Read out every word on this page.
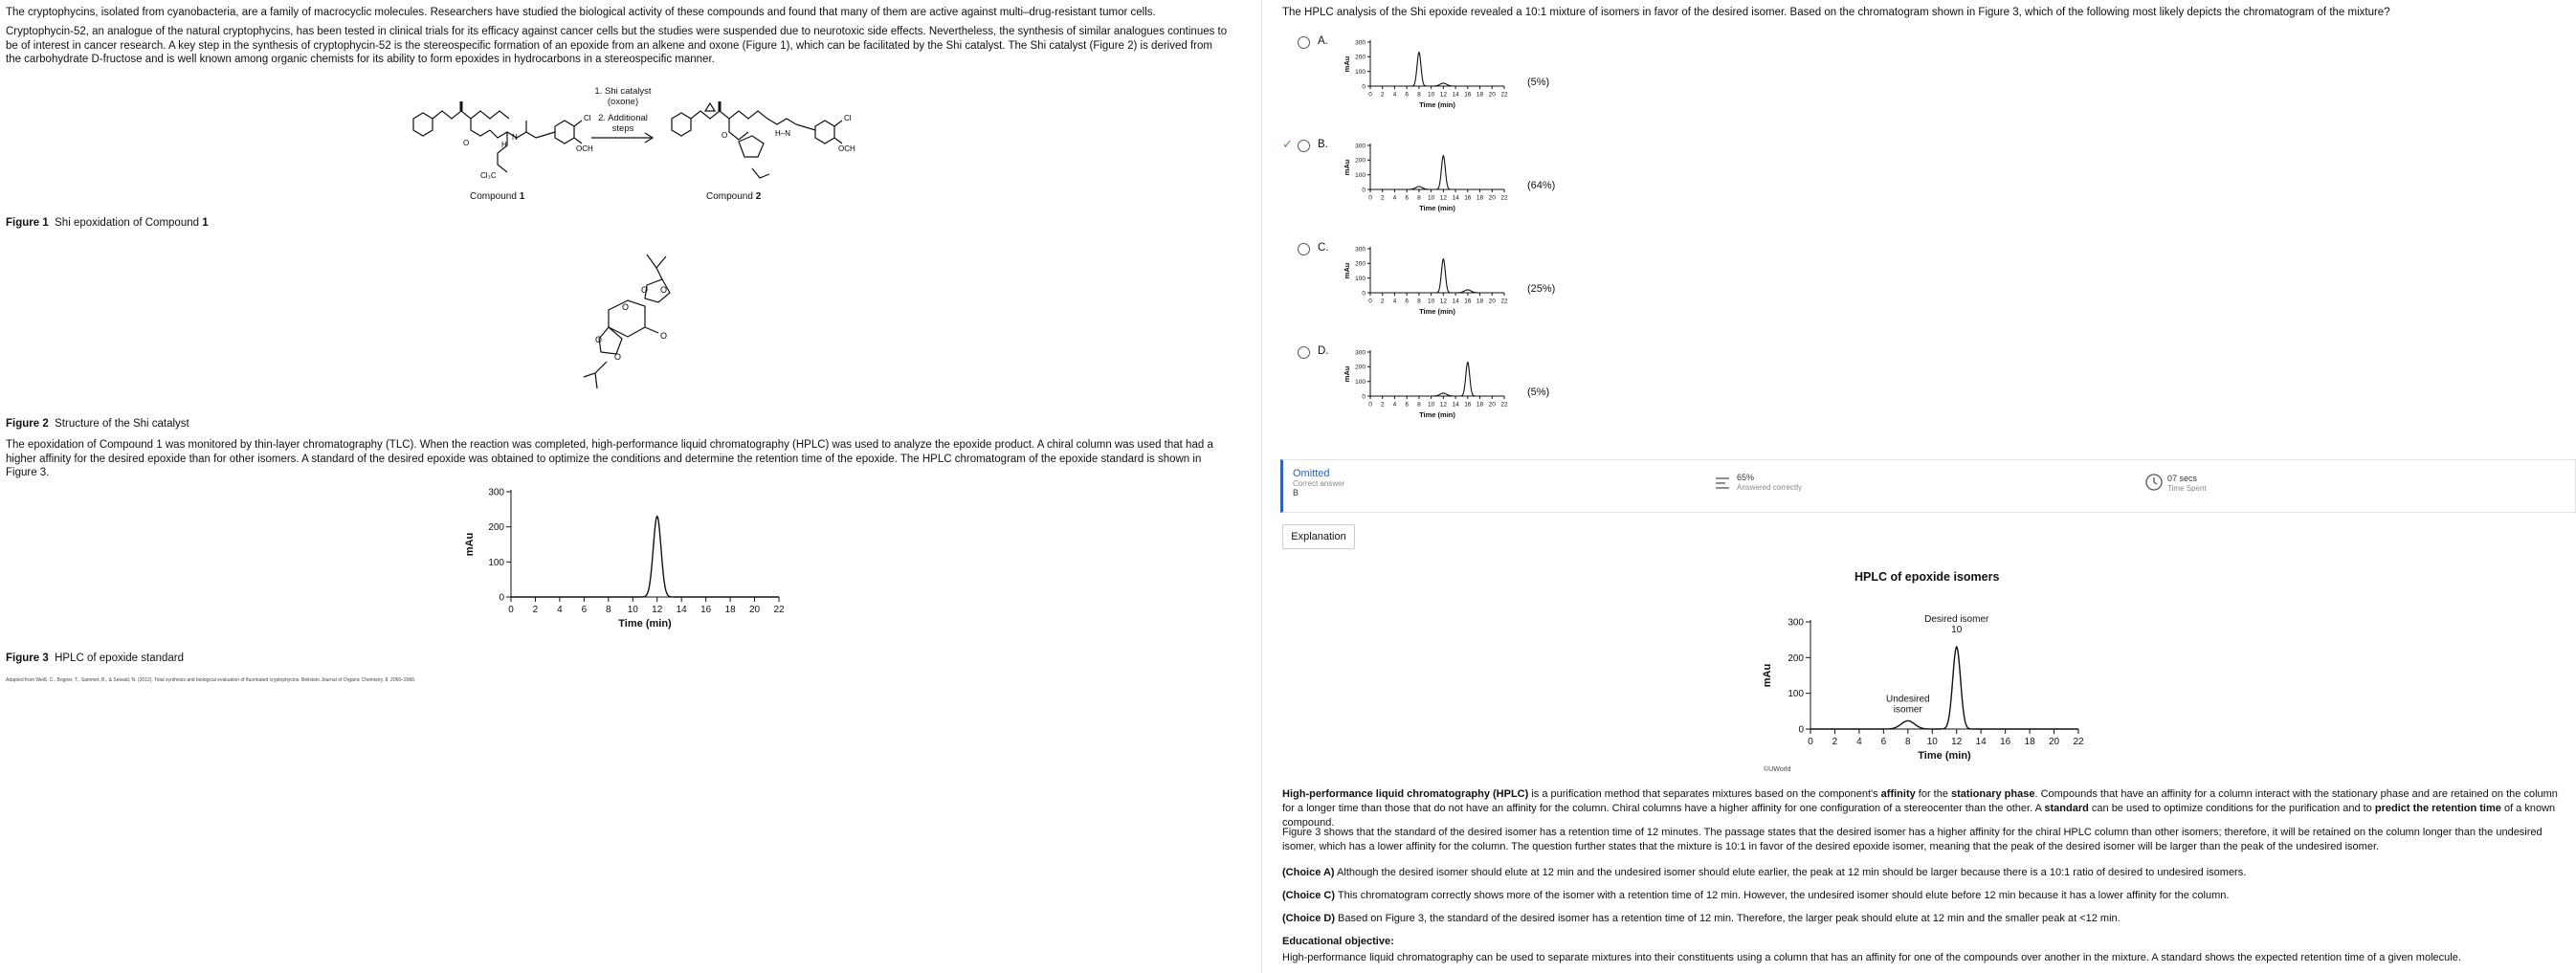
The cryptophycins, isolated from cyanobacteria, are a family of macrocyclic molecules. Researchers have studied the biological activity of these compounds and found that many of them are active against multi–drug-resistant tumor cells.

Cryptophycin-52, an analogue of the natural cryptophycins, has been tested in clinical trials for its efficacy against cancer cells but the studies were suspended due to neurotoxic side effects. Nevertheless, the synthesis of similar analogues continues to be of interest in cancer research. A key step in the synthesis of cryptophycin-52 is the stereospecific formation of an epoxide from an alkene and oxone (Figure 1), which can be facilitated by the Shi catalyst. The Shi catalyst (Figure 2) is derived from the carbohydrate D-fructose and is well known among organic chemists for its ability to form epoxides in hydrocarbons in a stereospecific manner.

Cl
OCH
O	H
N
Cl₃C
Cl
OCH
O	H–N
1. Shi catalyst
(oxone)
2. Additional
steps
Compound 1	Compound 2
Figure 1 Shi epoxidation of Compound 1
O O
O
O
O
O
Figure 2 Structure of the Shi catalyst

The epoxidation of Compound 1 was monitored by thin-layer chromatography (TLC). When the reaction was completed, high-performance liquid chromatography (HPLC) was used to analyze the epoxide product. A chiral column was used that had a higher affinity for the desired epoxide than for other isomers. A standard of the desired epoxide was obtained to optimize the conditions and determine the retention time of the epoxide. The HPLC chromatogram of the epoxide standard is shown in Figure 3.

0
100
200
300
0 2 4 6 8 10 12 14 16 18 20 22
Time (min)
mAu
Figure 3 HPLC of epoxide standard
Adapted from Weiß, C., Bogner, T., Sammet, B., & Sewald, N. (2012). Total synthesis and biological evaluation of fluorinated cryptophycins. Beilstein Journal of Organic Chemistry, 8, 2060–2066.

The HPLC analysis of the Shi epoxide revealed a 10:1 mixture of isomers in favor of the desired isomer. Based on the chromatogram shown in Figure 3, which of the following most likely depicts the chromatogram of the mixture?

A.
0
100
200
300
0 2 4 6 8 10 12 14 16 18 20 22
Time (min)
mAu
(5%)
✓ B.
0
100
200
300
0 2 4 6 8 10 12 14 16 18 20 22
Time (min)
mAu
(64%)
C.
0
100
200
300
0 2 4 6 8 10 12 14 16 18 20 22
Time (min)
mAu
(25%)
D.
0
100
200
300
0 2 4 6 8 10 12 14 16 18 20 22
Time (min)
mAu
(5%)
Omitted
Correct answer
B
65%
Answered correctly
07 secs
Time Spent
Explanation
HPLC of epoxide isomers
0
100
200
300
0 2 4 6 8 10 12 14 16 18 20 22
Time (min)
mAu
Desired isomer
10
Undesired
isomer
©UWorld

High-performance liquid chromatography (HPLC) is a purification method that separates mixtures based on the component's affinity for the stationary phase. Compounds that have an affinity for a column interact with the stationary phase and are retained on the column for a longer time than those that do not have an affinity for the column. Chiral columns have a higher affinity for one configuration of a stereocenter than the other. A standard can be used to optimize conditions for the purification and to predict the retention time of a known compound.

Figure 3 shows that the standard of the desired isomer has a retention time of 12 minutes. The passage states that the desired isomer has a higher affinity for the chiral HPLC column than other isomers; therefore, it will be retained on the column longer than the undesired isomer, which has a lower affinity for the column. The question further states that the mixture is 10:1 in favor of the desired epoxide isomer, meaning that the peak of the desired isomer will be larger than the peak of the undesired isomer.

(Choice A) Although the desired isomer should elute at 12 min and the undesired isomer should elute earlier, the peak at 12 min should be larger because there is a 10:1 ratio of desired to undesired isomers.

(Choice C) This chromatogram correctly shows more of the isomer with a retention time of 12 min. However, the undesired isomer should elute before 12 min because it has a lower affinity for the column.

(Choice D) Based on Figure 3, the standard of the desired isomer has a retention time of 12 min. Therefore, the larger peak should elute at 12 min and the smaller peak at <12 min.

Educational objective:

High-performance liquid chromatography can be used to separate mixtures into their constituents using a column that has an affinity for one of the compounds over another in the mixture. A standard shows the expected retention time of a given molecule.
